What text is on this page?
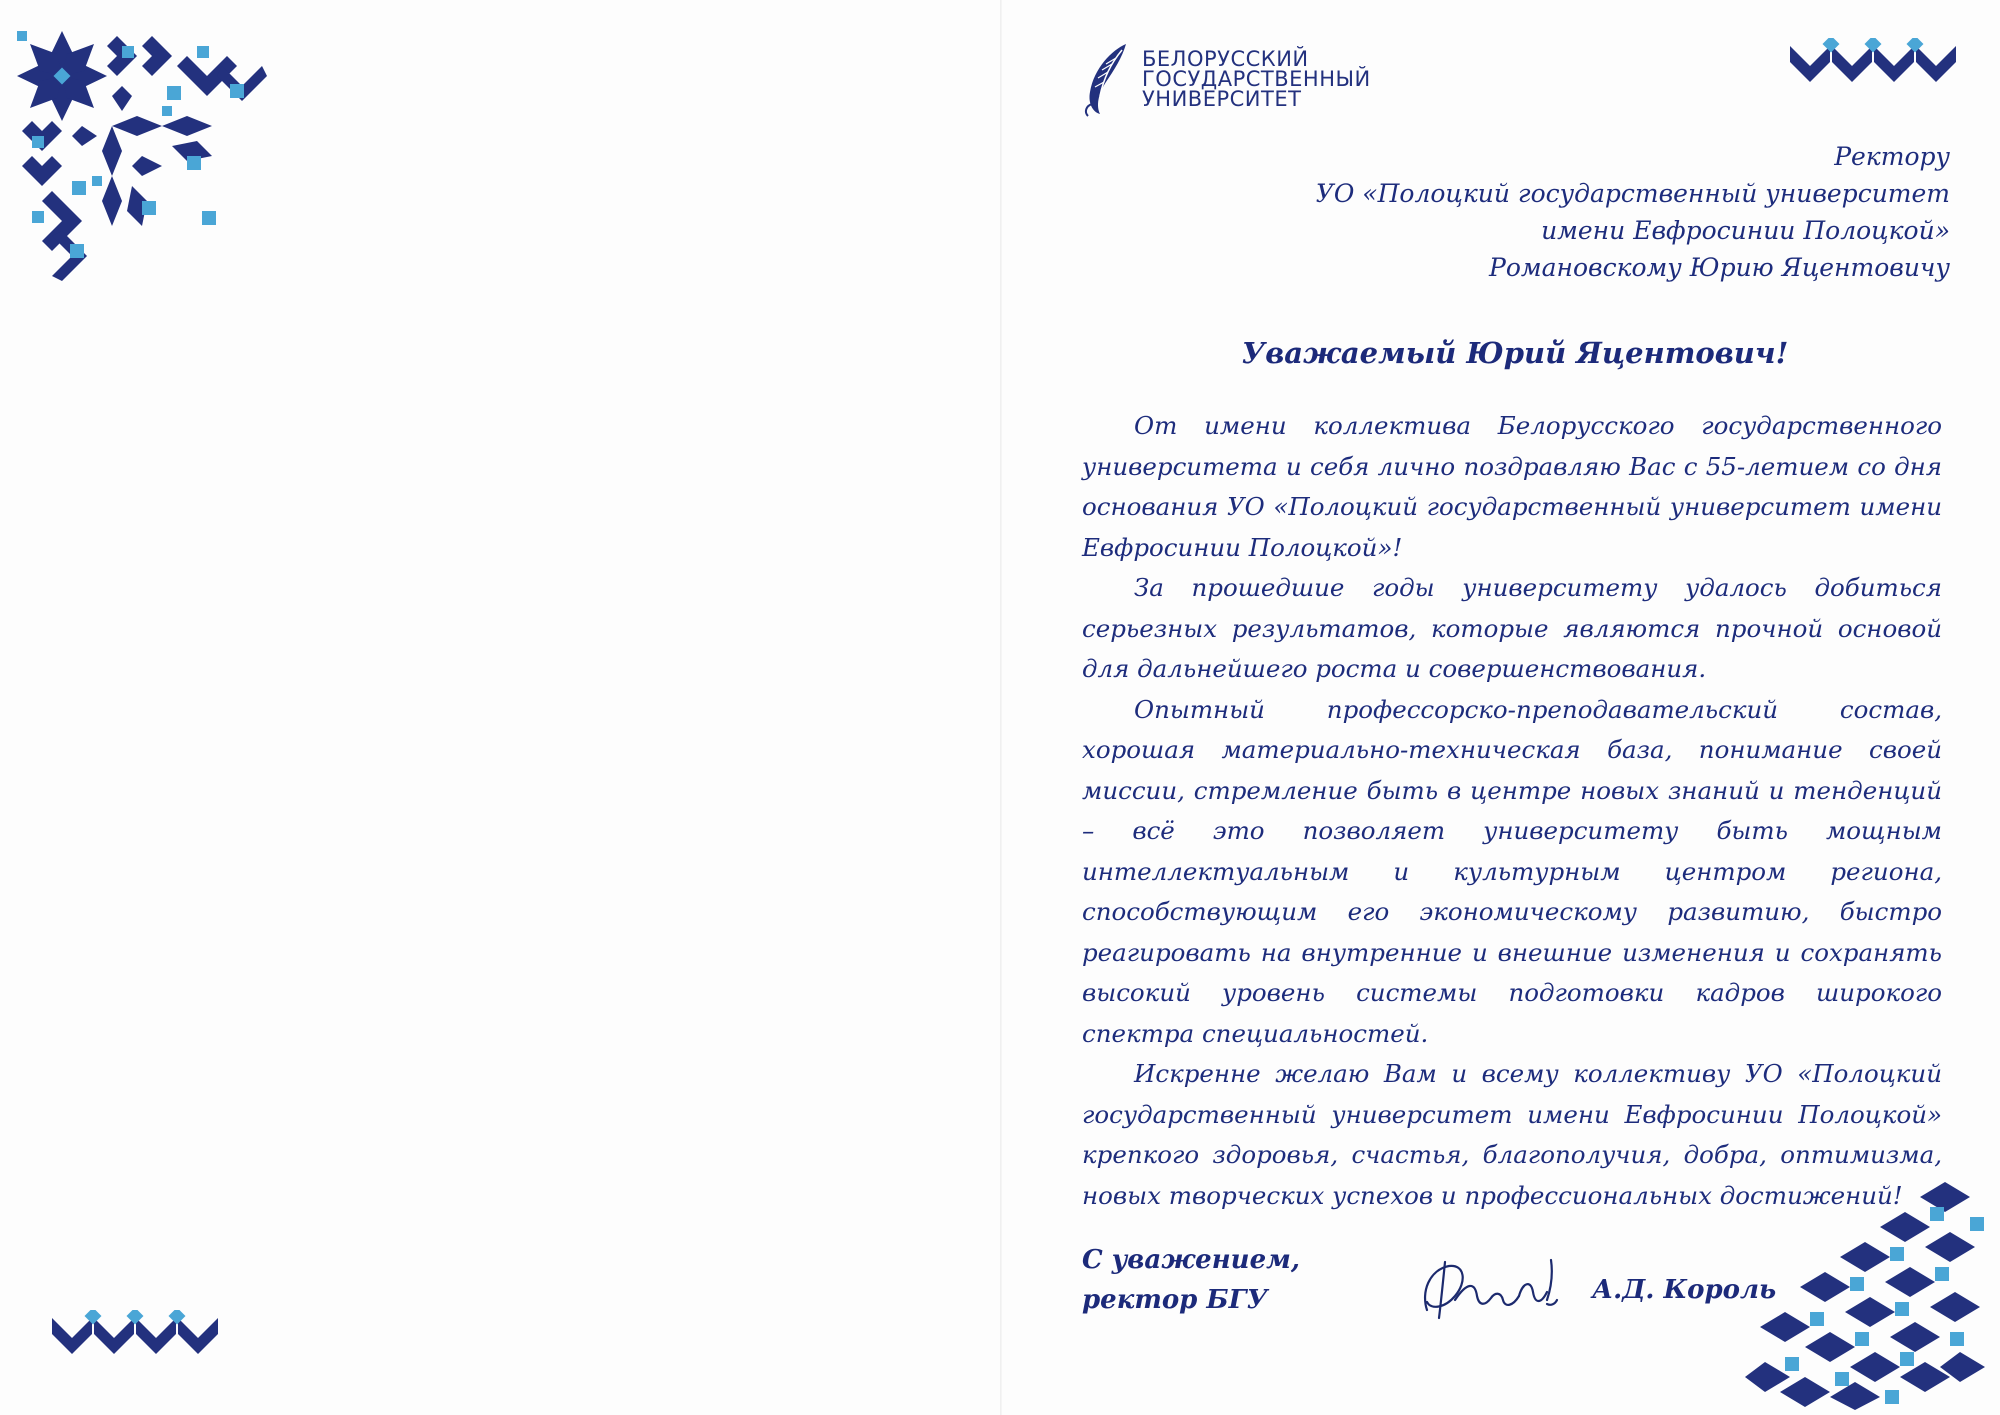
БЕЛОРУССКИЙ
ГОСУДАРСТВЕННЫЙ
УНИВЕРСИТЕТ
Ректору
УО «Полоцкий государственный университет
имени Евфросинии Полоцкой»
Романовскому Юрию Яцентовичу
Уважаемый Юрий Яцентович!

От имени коллектива Белорусского государственного университета и себя лично поздравляю Вас с 55-летием со дня основания УО «Полоцкий государственный университет имени Евфросинии Полоцкой»!

За прошедшие годы университету удалось добиться серьезных результатов, которые являются прочной основой для дальнейшего роста и совершенствования.

Опытный профессорско-преподавательский состав, хорошая материально-техническая база, понимание своей миссии, стремление быть в центре новых знаний и тенденций – всё это позволяет университету быть мощным интеллектуальным и культурным центром региона, способствующим его экономическому развитию, быстро реагировать на внутренние и внешние изменения и сохранять высокий уровень системы подготовки кадров широкого спектра специальностей.

Искренне желаю Вам и всему коллективу УО «Полоцкий государственный университет имени Евфросинии Полоцкой» крепкого здоровья, счастья, благополучия, добра, оптимизма, новых творческих успехов и профессиональных достижений!

С уважением,
ректор БГУ	А.Д. Король
